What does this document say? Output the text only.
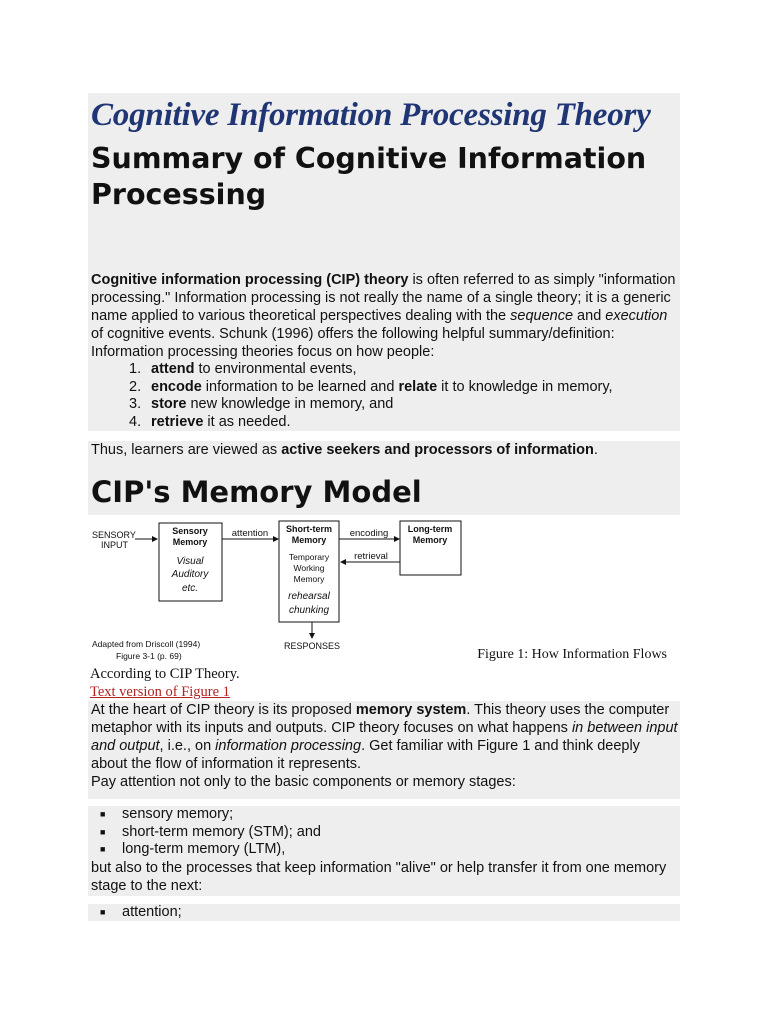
Cognitive Information Processing Theory
Summary of Cognitive Information Processing

Cognitive information processing (CIP) theory is often referred to as simply "information processing." Information processing is not really the name of a single theory; it is a generic name applied to various theoretical perspectives dealing with the sequence and execution of cognitive events. Schunk (1996) offers the following helpful summary/definition:

Information processing theories focus on how people:

1. attend to environmental events,
2. encode information to be learned and relate it to knowledge in memory,
3. store new knowledge in memory, and
4. retrieve it as needed.

Thus, learners are viewed as active seekers and processors of information.

CIP's Memory Model
SENSORY
INPUT
Sensory
Memory
Visual
Auditory
etc.
attention Short-term
Memory
Temporary
Working
Memory
rehearsal
chunking
encoding
retrieval
Long-term
Memory
RESPONSES
Adapted from Driscoll (1994)
Figure 3-1 (p. 69)	Figure 1: How Information Flows

According to CIP Theory.

Text version of Figure 1

At the heart of CIP theory is its proposed memory system. This theory uses the computer metaphor with its inputs and outputs. CIP theory focuses on what happens in between input and output, i.e., on information processing. Get familiar with Figure 1 and think deeply about the flow of information it represents.

Pay attention not only to the basic components or memory stages:

■ sensory memory;
■ short-term memory (STM); and
■ long-term memory (LTM),

but also to the processes that keep information "alive" or help transfer it from one memory stage to the next:

■ attention;
